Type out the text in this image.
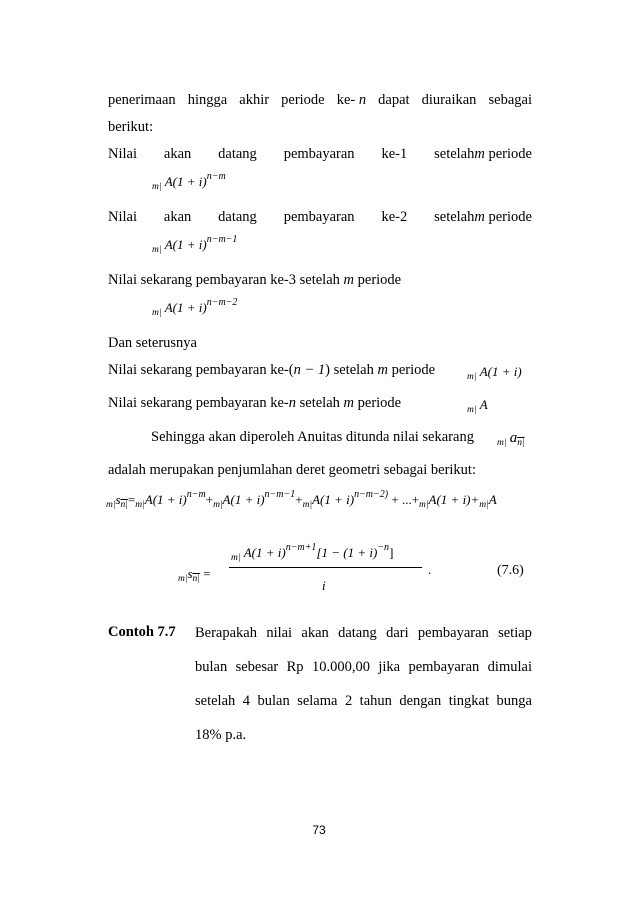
penerimaan hingga akhir periode ke- n dapat diuraikan sebagai
berikut:
Nilai akan datang pembayaran ke-1 setelahm periode
$_{m|}$ $A(1 + i)^{n-m}$
Nilai akan datang pembayaran ke-2 setelahm periode
$_{m|}$ $A(1 + i)^{n-m-1}$
Nilai sekarang pembayaran ke-3 setelah m periode
$_{m|}$ $A(1 + i)^{n-m-2}$
Dan seterusnya
Nilai sekarang pembayaran ke-(n − 1) setelah m periode	$_{m|}$ A(1 + i)
Nilai sekarang pembayaran ke-n setelah m periode	$_{m|}$ A
Sehingga akan diperoleh Anuitas ditunda nilai sekarang	$_{m|}$ $a_{n|}$
adalah merupakan penjumlahan deret geometri sebagai berikut:
$_{m|}s_{n|}=_{m|}A(1 + i)^{n-m}+_{m|}A(1 + i)^{n-m-1}+_{m|}A(1 + i)^{n-m-2)} + ...+_{m|}A(1 + i)+_{m|}A$
$_{m|}s_{n|}$ =
$_{m|}$ $A(1 + i)^{n-m+1}[1 - (1 + i)^{-n}]$
i
.	(7.6)
Contoh 7.7 Berapakah nilai akan datang dari pembayaran setiap
bulan sebesar Rp 10.000,00 jika pembayaran dimulai
setelah 4 bulan selama 2 tahun dengan tingkat bunga
18% p.a.
73
